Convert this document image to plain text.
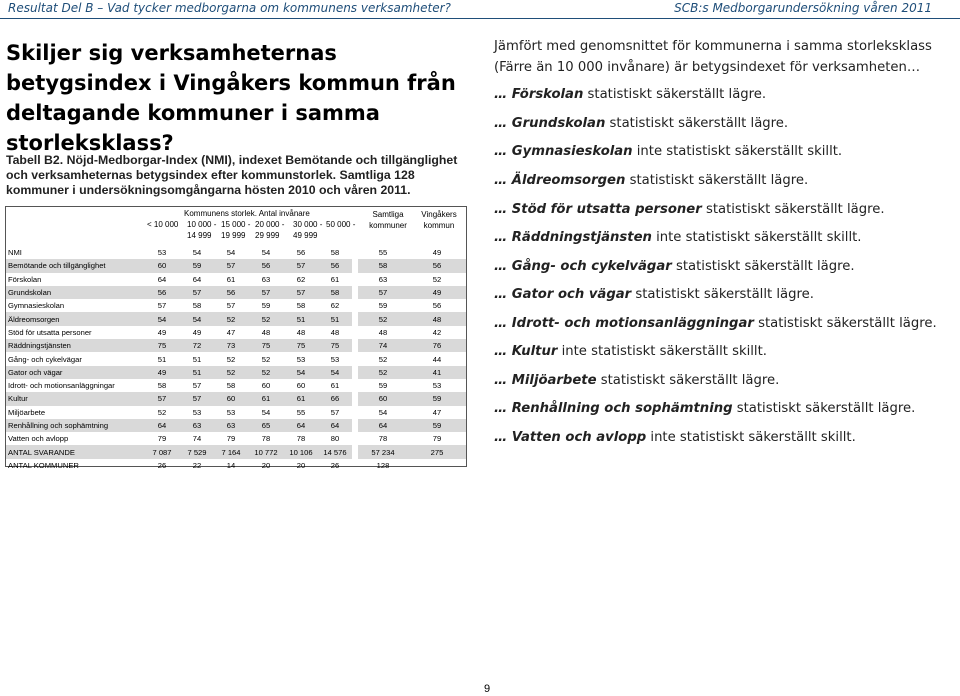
Resultat Del B – Vad tycker medborgarna om kommunens verksamheter?	SCB:s Medborgarundersökning våren 2011
Skiljer sig verksamheternas betygsindex i Vingåkers kommun från deltagande kommuner i samma storleksklass?
Tabell B2. Nöjd-Medborgar-Index (NMI), indexet Bemötande och tillgänglighet och verksamheternas betygsindex efter kommunstorlek. Samtliga 128 kommuner i undersökningsomgångarna hösten 2010 och våren 2011.
Kommunens storlek. Antal invånare
< 10 000 10 000 -
14 999
15 000 -
19 999
20 000 -
29 999
30 000 -
49 999
50 000 -
Samtliga
kommuner
Vingåkers
kommun
NMI	53	54	54	54	56	58		55	49
Bemötande och tillgänglighet	60	59	57	56	57	56		58	56
Förskolan	64	64	61	63	62	61		63	52
Grundskolan	56	57	56	57	57	58		57	49
Gymnasieskolan	57	58	57	59	58	62		59	56
Äldreomsorgen	54	54	52	52	51	51		52	48
Stöd för utsatta personer	49	49	47	48	48	48		48	42
Räddningstjänsten	75	72	73	75	75	75		74	76
Gång- och cykelvägar	51	51	52	52	53	53		52	44
Gator och vägar	49	51	52	52	54	54		52	41
Idrott- och motionsanläggningar	58	57	58	60	60	61		59	53
Kultur	57	57	60	61	61	66		60	59
Miljöarbete	52	53	53	54	55	57		54	47
Renhållning och sophämtning	64	63	63	65	64	64		64	59
Vatten och avlopp	79	74	79	78	78	80		78	79
ANTAL SVARANDE	7 087	7 529	7 164	10 772	10 106	14 576		57 234	275
ANTAL KOMMUNER	26	22	14	20	20	26		128	
Jämfört med genomsnittet för kommunerna i samma storleksklass (Färre än 10 000 invånare) är betygsindexet för verksamheten…
… Förskolan statistiskt säkerställt lägre.
… Grundskolan statistiskt säkerställt lägre.
… Gymnasieskolan inte statistiskt säkerställt skillt.
… Äldreomsorgen statistiskt säkerställt lägre.
… Stöd för utsatta personer statistiskt säkerställt lägre.
… Räddningstjänsten inte statistiskt säkerställt skillt.
… Gång- och cykelvägar statistiskt säkerställt lägre.
… Gator och vägar statistiskt säkerställt lägre.
… Idrott- och motionsanläggningar statistiskt säkerställt lägre.
… Kultur inte statistiskt säkerställt skillt.
… Miljöarbete statistiskt säkerställt lägre.
… Renhållning och sophämtning statistiskt säkerställt lägre.
… Vatten och avlopp inte statistiskt säkerställt skillt.
9
